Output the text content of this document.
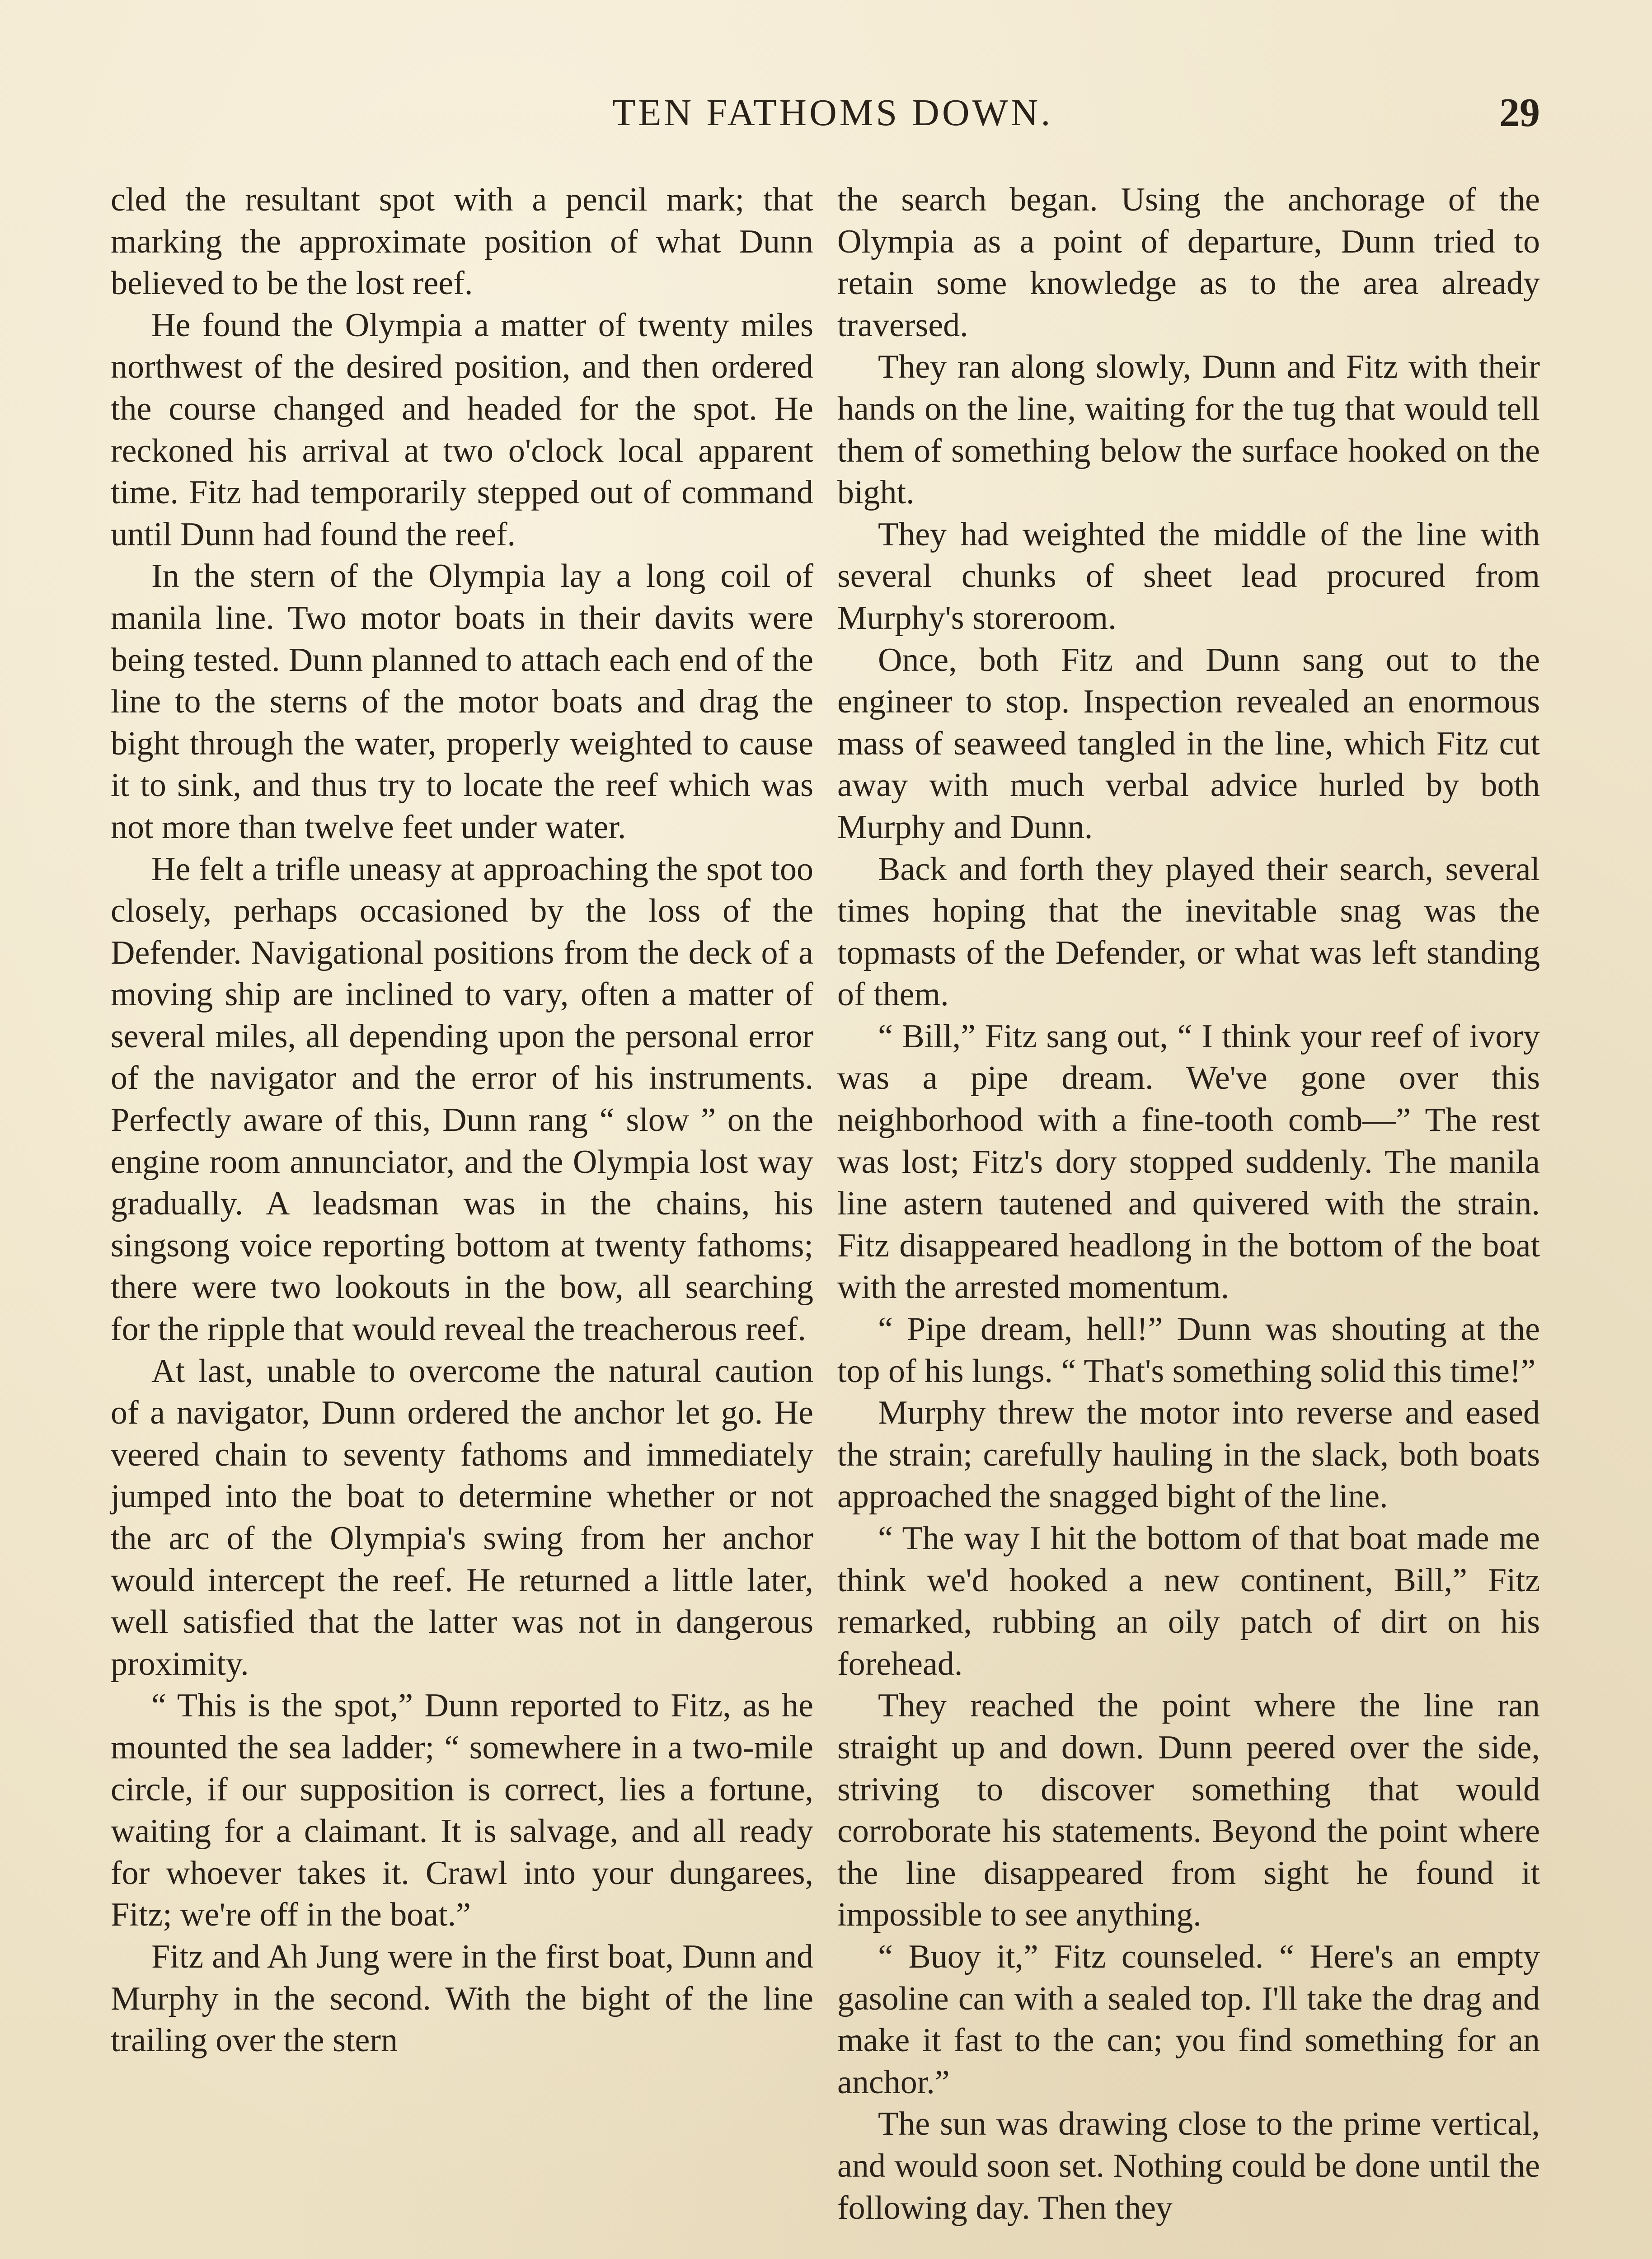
TEN FATHOMS DOWN.	29

cled the resultant spot with a pencil mark; that marking the approximate position of what Dunn believed to be the lost reef.

He found the Olympia a matter of twenty miles northwest of the desired position, and then ordered the course changed and headed for the spot. He reckoned his arrival at two o'clock local apparent time. Fitz had temporarily stepped out of command until Dunn had found the reef.

In the stern of the Olympia lay a long coil of manila line. Two motor boats in their davits were being tested. Dunn planned to attach each end of the line to the sterns of the motor boats and drag the bight through the water, properly weighted to cause it to sink, and thus try to locate the reef which was not more than twelve feet under water.

He felt a trifle uneasy at approaching the spot too closely, perhaps occasioned by the loss of the Defender. Navigational positions from the deck of a moving ship are inclined to vary, often a matter of several miles, all depending upon the personal error of the navigator and the error of his instruments. Perfectly aware of this, Dunn rang “ slow ” on the engine room annunciator, and the Olympia lost way gradually. A leadsman was in the chains, his singsong voice reporting bottom at twenty fathoms; there were two lookouts in the bow, all searching for the ripple that would reveal the treacherous reef.

At last, unable to overcome the natural caution of a navigator, Dunn ordered the anchor let go. He veered chain to seventy fathoms and immediately jumped into the boat to determine whether or not the arc of the Olympia's swing from her anchor would intercept the reef. He returned a little later, well satisfied that the latter was not in dangerous proximity.

“ This is the spot,” Dunn reported to Fitz, as he mounted the sea ladder; “ somewhere in a two-mile circle, if our supposition is correct, lies a fortune, waiting for a claimant. It is salvage, and all ready for whoever takes it. Crawl into your dungarees, Fitz; we're off in the boat.”

Fitz and Ah Jung were in the first boat, Dunn and Murphy in the second. With the bight of the line trailing over the stern

the search began. Using the anchorage of the Olympia as a point of departure, Dunn tried to retain some knowledge as to the area already traversed.

They ran along slowly, Dunn and Fitz with their hands on the line, waiting for the tug that would tell them of something below the surface hooked on the bight.

They had weighted the middle of the line with several chunks of sheet lead procured from Murphy's storeroom.

Once, both Fitz and Dunn sang out to the engineer to stop. Inspection revealed an enormous mass of seaweed tangled in the line, which Fitz cut away with much verbal advice hurled by both Murphy and Dunn.

Back and forth they played their search, several times hoping that the inevitable snag was the topmasts of the Defender, or what was left standing of them.

“ Bill,” Fitz sang out, “ I think your reef of ivory was a pipe dream. We've gone over this neighborhood with a fine-tooth comb—” The rest was lost; Fitz's dory stopped suddenly. The manila line astern tautened and quivered with the strain. Fitz disappeared headlong in the bottom of the boat with the arrested momentum.

“ Pipe dream, hell!” Dunn was shouting at the top of his lungs. “ That's something solid this time!”

Murphy threw the motor into reverse and eased the strain; carefully hauling in the slack, both boats approached the snagged bight of the line.

“ The way I hit the bottom of that boat made me think we'd hooked a new continent, Bill,” Fitz remarked, rubbing an oily patch of dirt on his forehead.

They reached the point where the line ran straight up and down. Dunn peered over the side, striving to discover something that would corroborate his statements. Beyond the point where the line disappeared from sight he found it impossible to see anything.

“ Buoy it,” Fitz counseled. “ Here's an empty gasoline can with a sealed top. I'll take the drag and make it fast to the can; you find something for an anchor.”

The sun was drawing close to the prime vertical, and would soon set. Nothing could be done until the following day. Then they
